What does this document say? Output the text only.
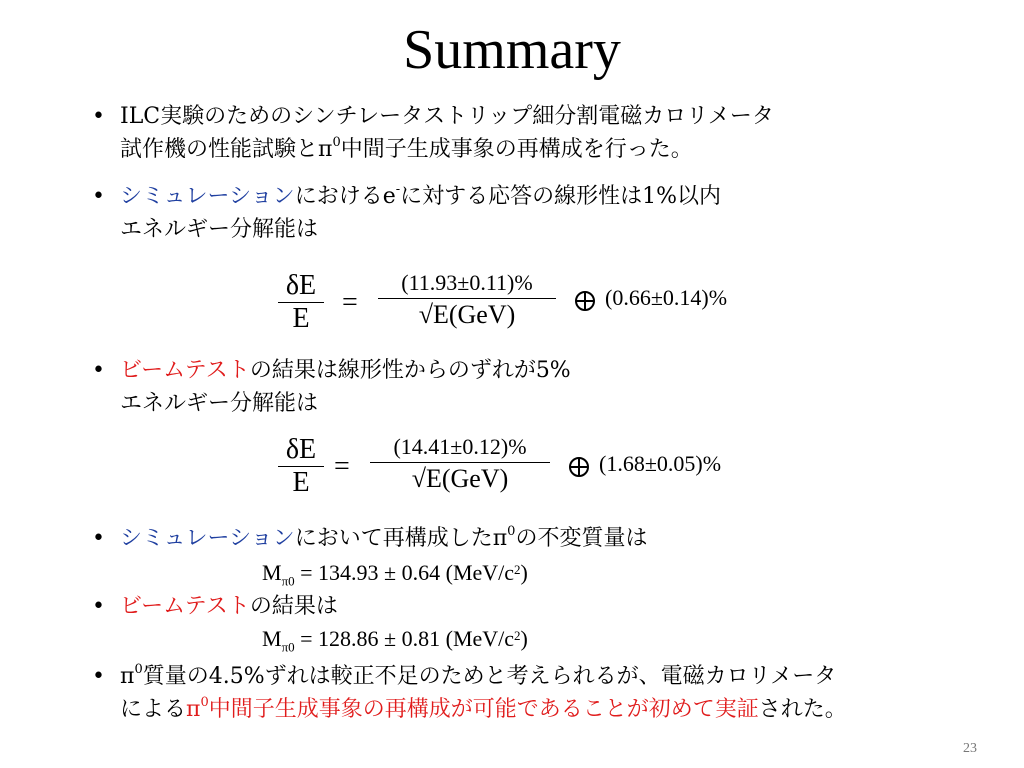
Summary
• ILC実験のためのシンチレータストリップ細分割電磁カロリメータ
試作機の性能試験と$\pi^0$中間子生成事象の再構成を行った。
• シミュレーションにおけるe-に対する応答の線形性は1%以内
エネルギー分解能は
δE
E
=
(11.93±0.11)%
√E(GeV)
(0.66±0.14)%
• ビームテストの結果は線形性からのずれが5%
エネルギー分解能は
δE
E
=
(14.41±0.12)%
√E(GeV)
(1.68±0.05)%
• シミュレーションにおいて再構成した$\pi^0$の不変質量は
$M_{\pi 0} = 134.93 \pm 0.64$ $(MeV/c^2)$
• ビームテストの結果は
$M_{\pi 0} = 128.86 \pm 0.81$ $(MeV/c^2)$
• $\pi^0$質量の4.5%ずれは較正不足のためと考えられるが、電磁カロリメータ
による$\pi^0$中間子生成事象の再構成が可能であることが初めて実証された。
23
